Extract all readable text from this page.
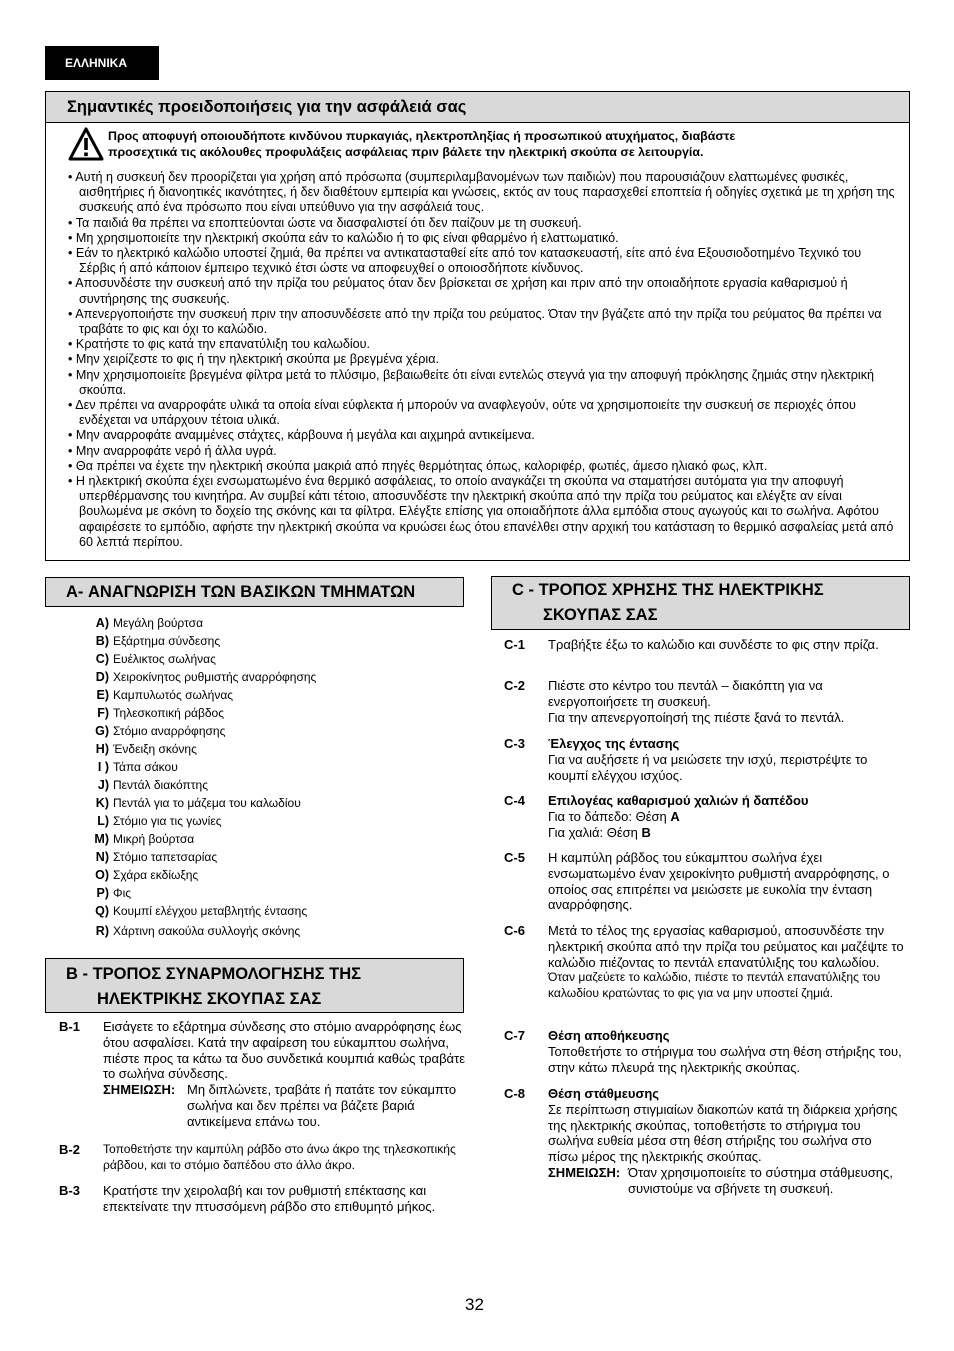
ΕΛΛΗΝΙΚΑ
Σημαντικές προειδοποιήσεις για την ασφάλειά σας
Προς αποφυγή οποιουδήποτε κινδύνου πυρκαγιάς, ηλεκτροπληξίας ή προσωπικού ατυχήματος, διαβάστε
προσεχτικά τις ακόλουθες προφυλάξεις ασφάλειας πριν βάλετε την ηλεκτρική σκούπα σε λειτουργία.
• Αυτή η συσκευή δεν προορίζεται για χρήση από πρόσωπα (συμπεριλαμβανομένων των παιδιών) που παρουσιάζουν ελαττωμένες φυσικές, αισθητήριες ή διανοητικές ικανότητες, ή δεν διαθέτουν εμπειρία και γνώσεις, εκτός αν τους παρασχεθεί εποπτεία ή οδηγίες σχετικά με τη χρήση της συσκευής από ένα πρόσωπο που είναι υπεύθυνο για την ασφάλειά τους.
• Τα παιδιά θα πρέπει να εποπτεύονται ώστε να διασφαλιστεί ότι δεν παίζουν με τη συσκευή.
• Μη χρησιμοποιείτε την ηλεκτρική σκούπα εάν το καλώδιο ή το φις είναι φθαρμένο ή ελαττωματικό.
• Εάν το ηλεκτρικό καλώδιο υποστεί ζημιά, θα πρέπει να αντικατασταθεί είτε από τον κατασκευαστή, είτε από ένα Εξουσιοδοτημένο Τεχνικό του Σέρβις ή από κάποιον έμπειρο τεχνικό έτσι ώστε να αποφευχθεί ο οποιοσδήποτε κίνδυνος.
• Αποσυνδέστε την συσκευή από την πρίζα του ρεύματος όταν δεν βρίσκεται σε χρήση και πριν από την οποιαδήποτε εργασία καθαρισμού ή συντήρησης της συσκευής.
• Απενεργοποιήστε την συσκευή πριν την αποσυνδέσετε από την πρίζα του ρεύματος. Όταν την βγάζετε από την πρίζα του ρεύματος θα πρέπει να τραβάτε το φις και όχι το καλώδιο.
• Κρατήστε το φις κατά την επανατύλιξη του καλωδίου.
• Μην χειρίζεστε το φις ή την ηλεκτρική σκούπα με βρεγμένα χέρια.
• Μην χρησιμοποιείτε βρεγμένα φίλτρα μετά το πλύσιμο, βεβαιωθείτε ότι είναι εντελώς στεγνά για την αποφυγή πρόκλησης ζημιάς στην ηλεκτρική σκούπα.
• Δεν πρέπει να αναρροφάτε υλικά τα οποία είναι εύφλεκτα ή μπορούν να αναφλεγούν, ούτε να χρησιμοποιείτε την συσκευή σε περιοχές όπου ενδέχεται να υπάρχουν τέτοια υλικά.
• Μην αναρροφάτε αναμμένες στάχτες, κάρβουνα ή μεγάλα και αιχμηρά αντικείμενα.
• Μην αναρροφάτε νερό ή άλλα υγρά.
• Θα πρέπει να έχετε την ηλεκτρική σκούπα μακριά από πηγές θερμότητας όπως, καλοριφέρ, φωτιές, άμεσο ηλιακό φως, κλπ.
• Η ηλεκτρική σκούπα έχει ενσωματωμένο ένα θερμικό ασφάλειας, το οποίο αναγκάζει τη σκούπα να σταματήσει αυτόματα για την αποφυγή υπερθέρμανσης του κινητήρα. Αν συμβεί κάτι τέτοιο, αποσυνδέστε την ηλεκτρική σκούπα από την πρίζα του ρεύματος και ελέγξτε αν είναι βουλωμένα με σκόνη το δοχείο της σκόνης και τα φίλτρα. Ελέγξτε επίσης για οποιαδήποτε άλλα εμπόδια στους αγωγούς και το σωλήνα. Αφότου αφαιρέσετε το εμπόδιο, αφήστε την ηλεκτρική σκούπα να κρυώσει έως ότου επανέλθει στην αρχική του κατάσταση το θερμικό ασφαλείας μετά από 60 λεπτά περίπου.
A- ΑΝΑΓΝΩΡΙΣΗ ΤΩΝ ΒΑΣΙΚΩΝ ΤΜΗΜΑΤΩΝ
A) Μεγάλη βούρτσα
B) Εξάρτημα σύνδεσης
C) Ευέλικτος σωλήνας
D) Χειροκίνητος ρυθμιστής αναρρόφησης
E) Καμπυλωτός σωλήνας
F) Τηλεσκοπική ράβδος
G) Στόμιο αναρρόφησης
H) Ένδειξη σκόνης
I ) Τάπα σάκου
J) Πεντάλ διακόπτης
K) Πεντάλ για το μάζεμα του καλωδίου
L) Στόμιο για τις γωνίες
M) Μικρή βούρτσα
N) Στόμιο ταπετσαρίας
O) Σχάρα εκδίωξης
P) Φις
Q) Κουμπί ελέγχου μεταβλητής έντασης
R) Χάρτινη σακούλα συλλογής σκόνης
B - ΤΡΟΠΟΣ ΣΥΝΑΡΜΟΛΟΓΗΣΗΣ ΤΗΣ
ΗΛΕΚΤΡΙΚΗΣ ΣΚΟΥΠΑΣ ΣΑΣ
B-1 Εισάγετε το εξάρτημα σύνδεσης στο στόμιο αναρρόφησης έως ότου ασφαλίσει. Κατά την αφαίρεση του εύκαμπτου σωλήνα, πιέστε προς τα κάτω τα δυο συνδετικά κουμπιά καθώς τραβάτε το σωλήνα σύνδεσης.
ΣΗΜΕΙΩΣΗ: Μη διπλώνετε, τραβάτε ή πατάτε τον εύκαμπτο σωλήνα και δεν πρέπει να βάζετε βαριά αντικείμενα επάνω του.
B-2 Τοποθετήστε την καμπύλη ράβδο στο άνω άκρο της τηλεσκοπικής ράβδου, και το στόμιο δαπέδου στο άλλο άκρο.
B-3 Κρατήστε την χειρολαβή και τον ρυθμιστή επέκτασης και επεκτείνατε την πτυσσόμενη ράβδο στο επιθυμητό μήκος.
C - ΤΡΟΠΟΣ ΧΡΗΣΗΣ ΤΗΣ ΗΛΕΚΤΡΙΚΗΣ
ΣΚΟΥΠΑΣ ΣΑΣ
C-1 Τραβήξτε έξω το καλώδιο και συνδέστε το φις στην πρίζα.
C-2 Πιέστε στο κέντρο του πεντάλ – διακόπτη για να ενεργοποιήσετε τη συσκευή.
Για την απενεργοποίησή της πιέστε ξανά το πεντάλ.
C-3 Έλεγχος της έντασης
Για να αυξήσετε ή να μειώσετε την ισχύ, περιστρέψτε το κουμπί ελέγχου ισχύος.
C-4 Επιλογέας καθαρισμού χαλιών ή δαπέδου
Για το δάπεδο: Θέση A
Για χαλιά: Θέση B
C-5 Η καμπύλη ράβδος του εύκαμπτου σωλήνα έχει ενσωματωμένο έναν χειροκίνητο ρυθμιστή αναρρόφησης, ο οποίος σας επιτρέπει να μειώσετε με ευκολία την ένταση αναρρόφησης.
C-6 Μετά το τέλος της εργασίας καθαρισμού, αποσυνδέστε την ηλεκτρική σκούπα από την πρίζα του ρεύματος και μαζέψτε το καλώδιο πιέζοντας το πεντάλ επανατύλιξης του καλωδίου.
Όταν μαζεύετε το καλώδιο, πιέστε το πεντάλ επανατύλιξης του καλωδίου κρατώντας το φις για να μην υποστεί ζημιά.
C-7 Θέση αποθήκευσης
Τοποθετήστε το στήριγμα του σωλήνα στη θέση στήριξης του, στην κάτω πλευρά της ηλεκτρικής σκούπας.
C-8 Θέση στάθμευσης
Σε περίπτωση στιγμιαίων διακοπών κατά τη διάρκεια χρήσης της ηλεκτρικής σκούπας, τοποθετήστε το στήριγμα του σωλήνα ευθεία μέσα στη θέση στήριξης του σωλήνα στο πίσω μέρος της ηλεκτρικής σκούπας.
ΣΗΜΕΙΩΣΗ: Όταν χρησιμοποιείτε το σύστημα στάθμευσης, συνιστούμε να σβήνετε τη συσκευή.
32
